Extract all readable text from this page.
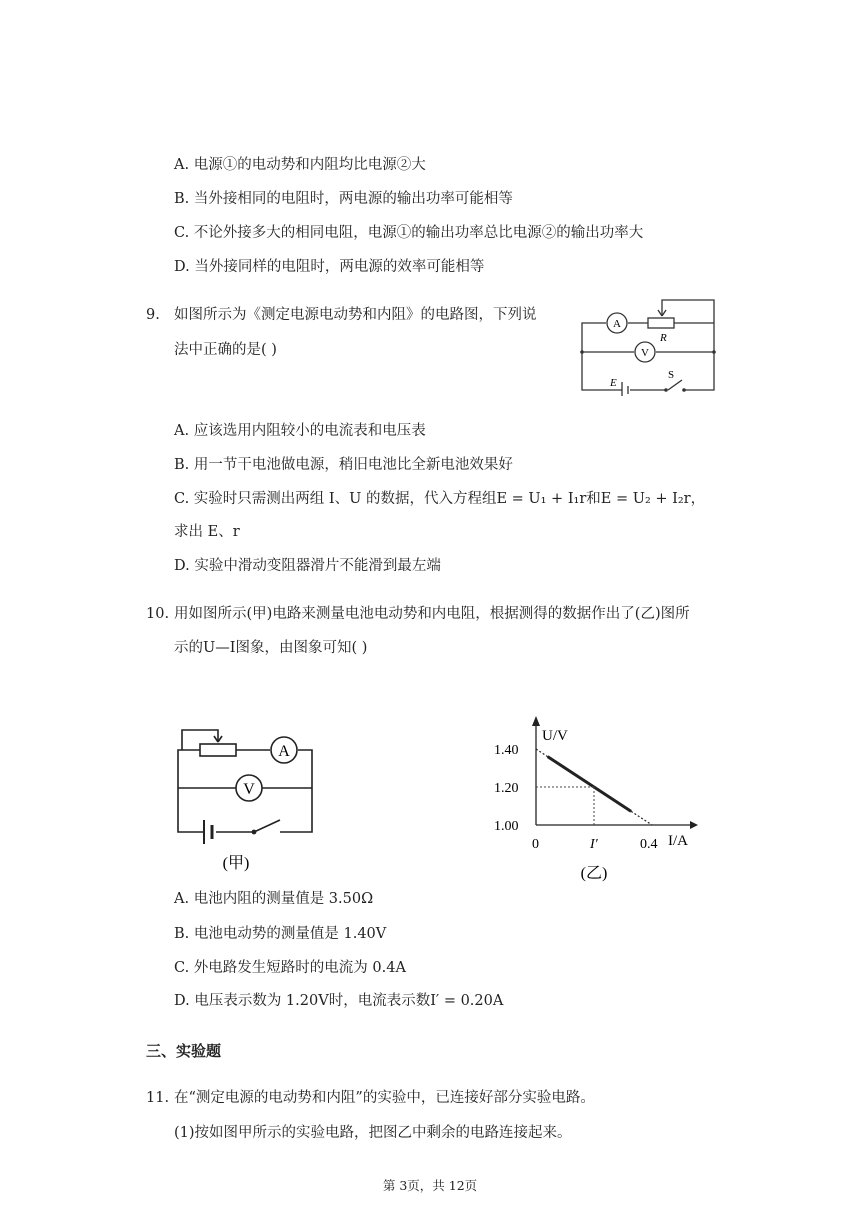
A. 电源①的电动势和内阻均比电源②大
B. 当外接相同的电阻时，两电源的输出功率可能相等
C. 不论外接多大的相同电阻，电源①的输出功率总比电源②的输出功率大
D. 当外接同样的电阻时，两电源的效率可能相等
9. 如图所示为《测定电源电动势和内阻》的电路图，下列说
法中正确的是( )
A
V
R
E
S
A. 应该选用内阻较小的电流表和电压表
B. 用一节干电池做电源，稍旧电池比全新电池效果好
C. 实验时只需测出两组 I、U 的数据，代入方程组E = U₁ + I₁r和E = U₂ + I₂r，
求出 E、r
D. 实验中滑动变阻器滑片不能滑到最左端
10. 用如图所示(甲)电路来测量电池电动势和内电阻，根据测得的数据作出了(乙)图所
示的U—I图象，由图象可知( )
A
V
(甲)
U/V
I/A
1.40
1.20
1.00
0	I′	0.4
(乙)
A. 电池内阻的测量值是 3.50Ω
B. 电池电动势的测量值是 1.40V
C. 外电路发生短路时的电流为 0.4A
D. 电压表示数为 1.20V时，电流表示数I′ = 0.20A
三、实验题
11. 在“测定电源的电动势和内阻”的实验中，已连接好部分实验电路。
(1)按如图甲所示的实验电路，把图乙中剩余的电路连接起来。
第 3页，共 12页
